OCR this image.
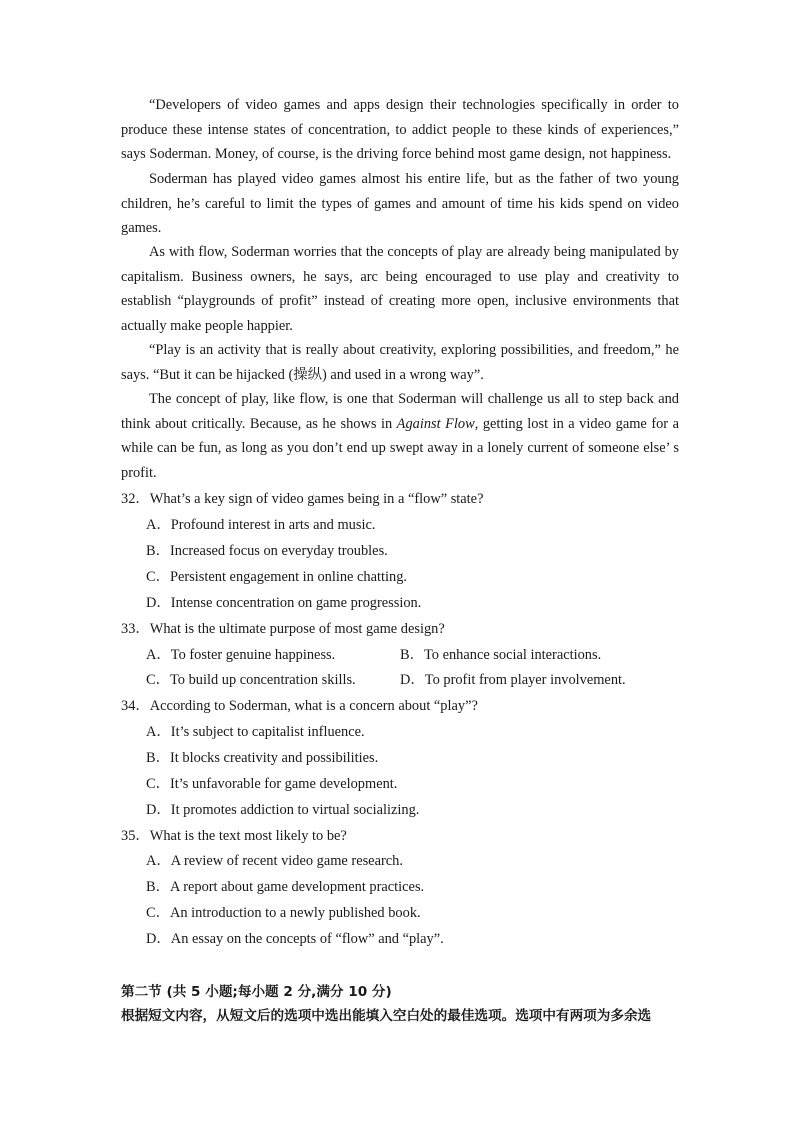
“Developers of video games and apps design their technologies specifically in order to produce these intense states of concentration, to addict people to these kinds of experiences,” says Soderman. Money, of course, is the driving force behind most game design, not happiness.

Soderman has played video games almost his entire life, but as the father of two young children, he’s careful to limit the types of games and amount of time his kids spend on video games.

As with flow, Soderman worries that the concepts of play are already being manipulated by capitalism. Business owners, he says, arc being encouraged to use play and creativity to establish “playgrounds of profit” instead of creating more open, inclusive environments that actually make people happier.

“Play is an activity that is really about creativity, exploring possibilities, and freedom,” he says. “But it can be hijacked (操纵) and used in a wrong way”.

The concept of play, like flow, is one that Soderman will challenge us all to step back and think about critically. Because, as he shows in Against Flow, getting lost in a video game for a while can be fun, as long as you don’t end up swept away in a lonely current of someone else’ s profit.

32．What’s a key sign of video games being in a “flow” state?

A．Profound interest in arts and music.

B．Increased focus on everyday troubles.

C．Persistent engagement in online chatting.

D．Intense concentration on game progression.

33．What is the ultimate purpose of most game design?

A．To foster genuine happiness.	B．To enhance social interactions.

C．To build up concentration skills.	D．To profit from player involvement.

34．According to Soderman, what is a concern about “play”?

A．It’s subject to capitalist influence.

B．It blocks creativity and possibilities.

C．It’s unfavorable for game development.

D．It promotes addiction to virtual socializing.

35．What is the text most likely to be?

A．A review of recent video game research.

B．A report about game development practices.

C．An introduction to a newly published book.

D．An essay on the concepts of “flow” and “play”.

第二节 (共 5 小题;每小题 2 分,满分 10 分)

根据短文内容，从短文后的选项中选出能填入空白处的最佳选项。选项中有两项为多余选
